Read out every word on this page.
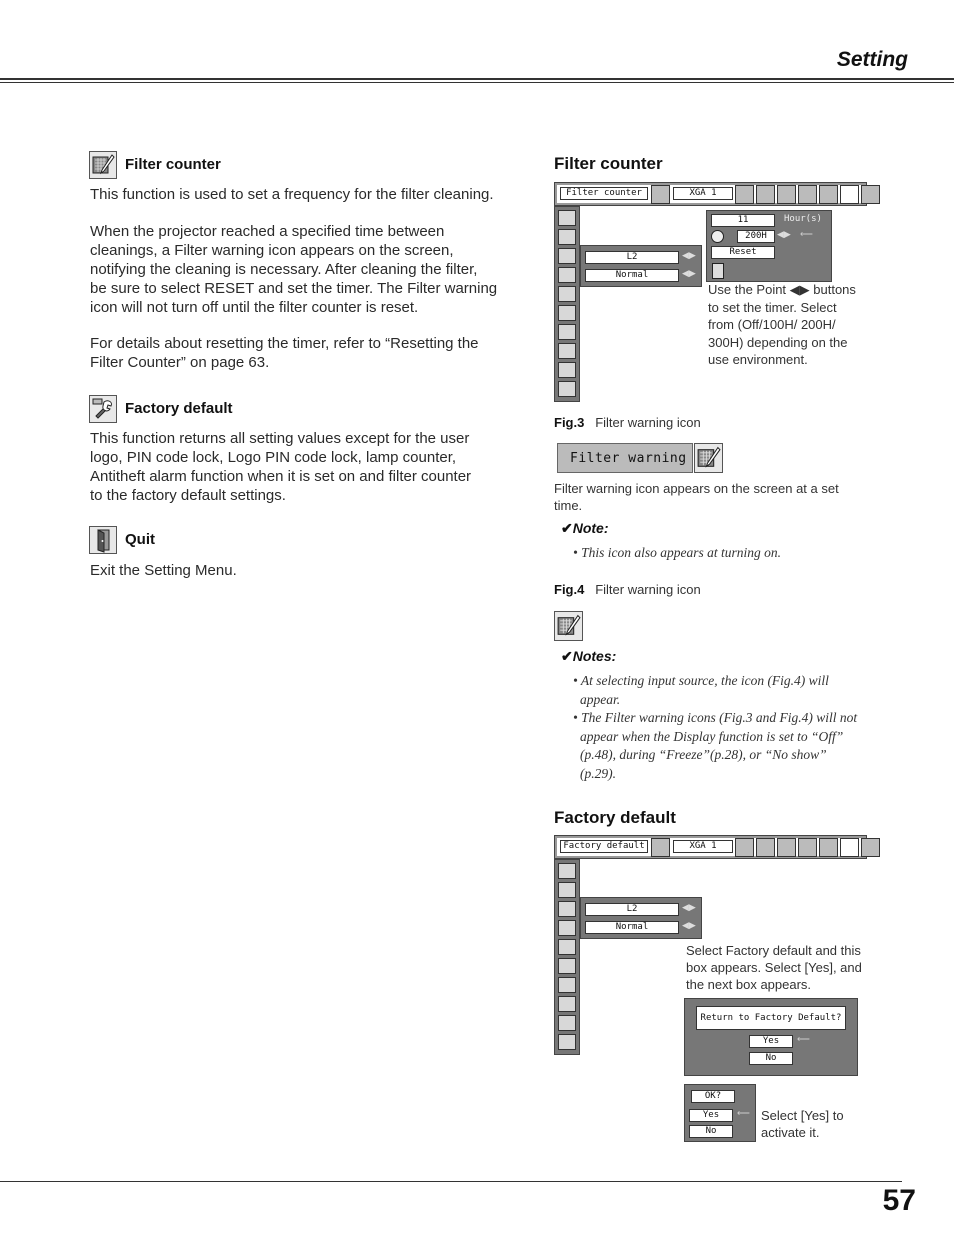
Setting
57
Filter counter
This function is used to set a frequency for the filter cleaning.
When the projector reached a specified time between
cleanings, a Filter warning icon appears on the screen,
notifying the cleaning is necessary. After cleaning the filter,
be sure to select RESET and set the timer. The Filter warning
icon will not turn off until the filter counter is reset.
For details about resetting the timer, refer to “Resetting the
Filter Counter” on page 63.
Factory default
This function returns all setting values except for the user
logo, PIN code lock, Logo PIN code lock, lamp counter,
Antitheft alarm function when it is set on and filter counter
to the factory default settings.
Quit
Exit the Setting Menu.
Filter counter
Filter counter	XGA 1
L2	◀▶
Normal	◀▶
11	Hour(s)
200H	◀▶ ⟵
Reset
Use the Point ◀▶ buttons
to set the timer. Select
from (Off/100H/ 200H/
300H) depending on the
use environment.
Fig.3 Filter warning icon
Filter warning
Filter warning icon appears on the screen at a set
time.
✔Note:
• This icon also appears at turning on.
Fig.4 Filter warning icon
✔Notes:
• At selecting input source, the icon (Fig.4) will
appear.
• The Filter warning icons (Fig.3 and Fig.4) will not
appear when the Display function is set to “Off”
(p.48), during “Freeze”(p.28), or “No show”
(p.29).
Factory default
Factory default	XGA 1
L2	◀▶
Normal	◀▶
Select Factory default and this
box appears. Select [Yes], and
the next box appears.
Return to Factory Default?
Yes	⟵
No
OK?
Yes	⟵
No
Select [Yes] to
activate it.
